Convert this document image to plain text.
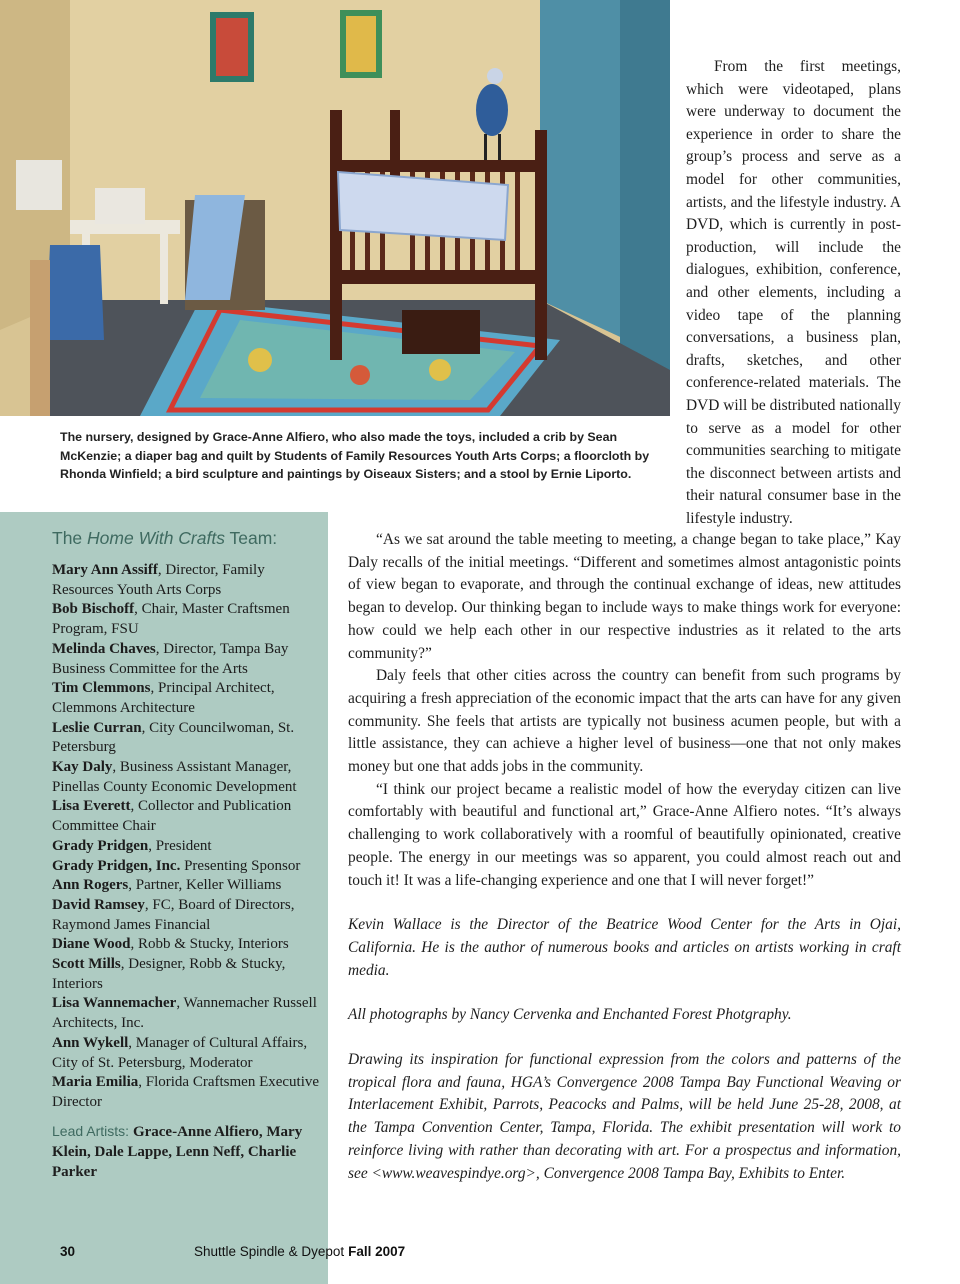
The nursery, designed by Grace-Anne Alfiero, who also made the toys, included a crib by Sean McKenzie; a diaper bag and quilt by Students of Family Resources Youth Arts Corps; a floorcloth by Rhonda Winfield; a bird sculpture and paintings by Oiseaux Sisters; and a stool by Ernie Liporto.

From the first meetings, which were videotaped, plans were underway to document the experience in order to share the group’s process and serve as a model for other communities, artists, and the lifestyle industry. A DVD, which is currently in post-production, will include the dialogues, exhibition, conference, and other elements, including a video tape of the planning conversations, a business plan, drafts, sketches, and other conference-related materials. The DVD will be distributed nationally to serve as a model for other communities searching to mitigate the disconnect between artists and their natural consumer base in the lifestyle industry.

The Home With Crafts Team:

Mary Ann Assiff, Director, Family Resources Youth Arts Corps

Bob Bischoff, Chair, Master Craftsmen Program, FSU

Melinda Chaves, Director, Tampa Bay Business Committee for the Arts

Tim Clemmons, Principal Architect, Clemmons Architecture

Leslie Curran, City Councilwoman, St. Petersburg

Kay Daly, Business Assistant Manager, Pinellas County Economic Development

Lisa Everett, Collector and Publication Committee Chair

Grady Pridgen, President

Grady Pridgen, Inc. Presenting Sponsor

Ann Rogers, Partner, Keller Williams

David Ramsey, FC, Board of Directors, Raymond James Financial

Diane Wood, Robb & Stucky, Interiors

Scott Mills, Designer, Robb & Stucky, Interiors

Lisa Wannemacher, Wannemacher Russell Architects, Inc.

Ann Wykell, Manager of Cultural Affairs, City of St. Petersburg, Moderator

Maria Emilia, Florida Craftsmen Executive Director

Lead Artists: Grace-Anne Alfiero, Mary Klein, Dale Lappe, Lenn Neff, Charlie Parker

“As we sat around the table meeting to meeting, a change began to take place,” Kay Daly recalls of the initial meetings. “Different and sometimes almost antagonistic points of view began to evaporate, and through the continual exchange of ideas, new attitudes began to develop. Our thinking began to include ways to make things work for everyone: how could we help each other in our respective industries as it related to the arts community?”

Daly feels that other cities across the country can benefit from such programs by acquiring a fresh appreciation of the economic impact that the arts can have for any given community. She feels that artists are typically not business acumen people, but with a little assistance, they can achieve a higher level of business—one that not only makes money but one that adds jobs in the community.

“I think our project became a realistic model of how the everyday citizen can live comfortably with beautiful and functional art,” Grace-Anne Alfiero notes. “It’s always challenging to work collaboratively with a roomful of beautifully opinionated, creative people. The energy in our meetings was so apparent, you could almost reach out and touch it! It was a life-changing experience and one that I will never forget!”

Kevin Wallace is the Director of the Beatrice Wood Center for the Arts in Ojai, California. He is the author of numerous books and articles on artists working in craft media.

All photographs by Nancy Cervenka and Enchanted Forest Photgraphy.

Drawing its inspiration for functional expression from the colors and patterns of the tropical flora and fauna, HGA’s Convergence 2008 Tampa Bay Functional Weaving or Interlacement Exhibit, Parrots, Peacocks and Palms, will be held June 25-28, 2008, at the Tampa Convention Center, Tampa, Florida. The exhibit presentation will work to reinforce living with rather than decorating with art. For a prospectus and information, see <www.weavespindye.org>, Convergence 2008 Tampa Bay, Exhibits to Enter.

30	Shuttle Spindle & Dyepot Fall 2007
